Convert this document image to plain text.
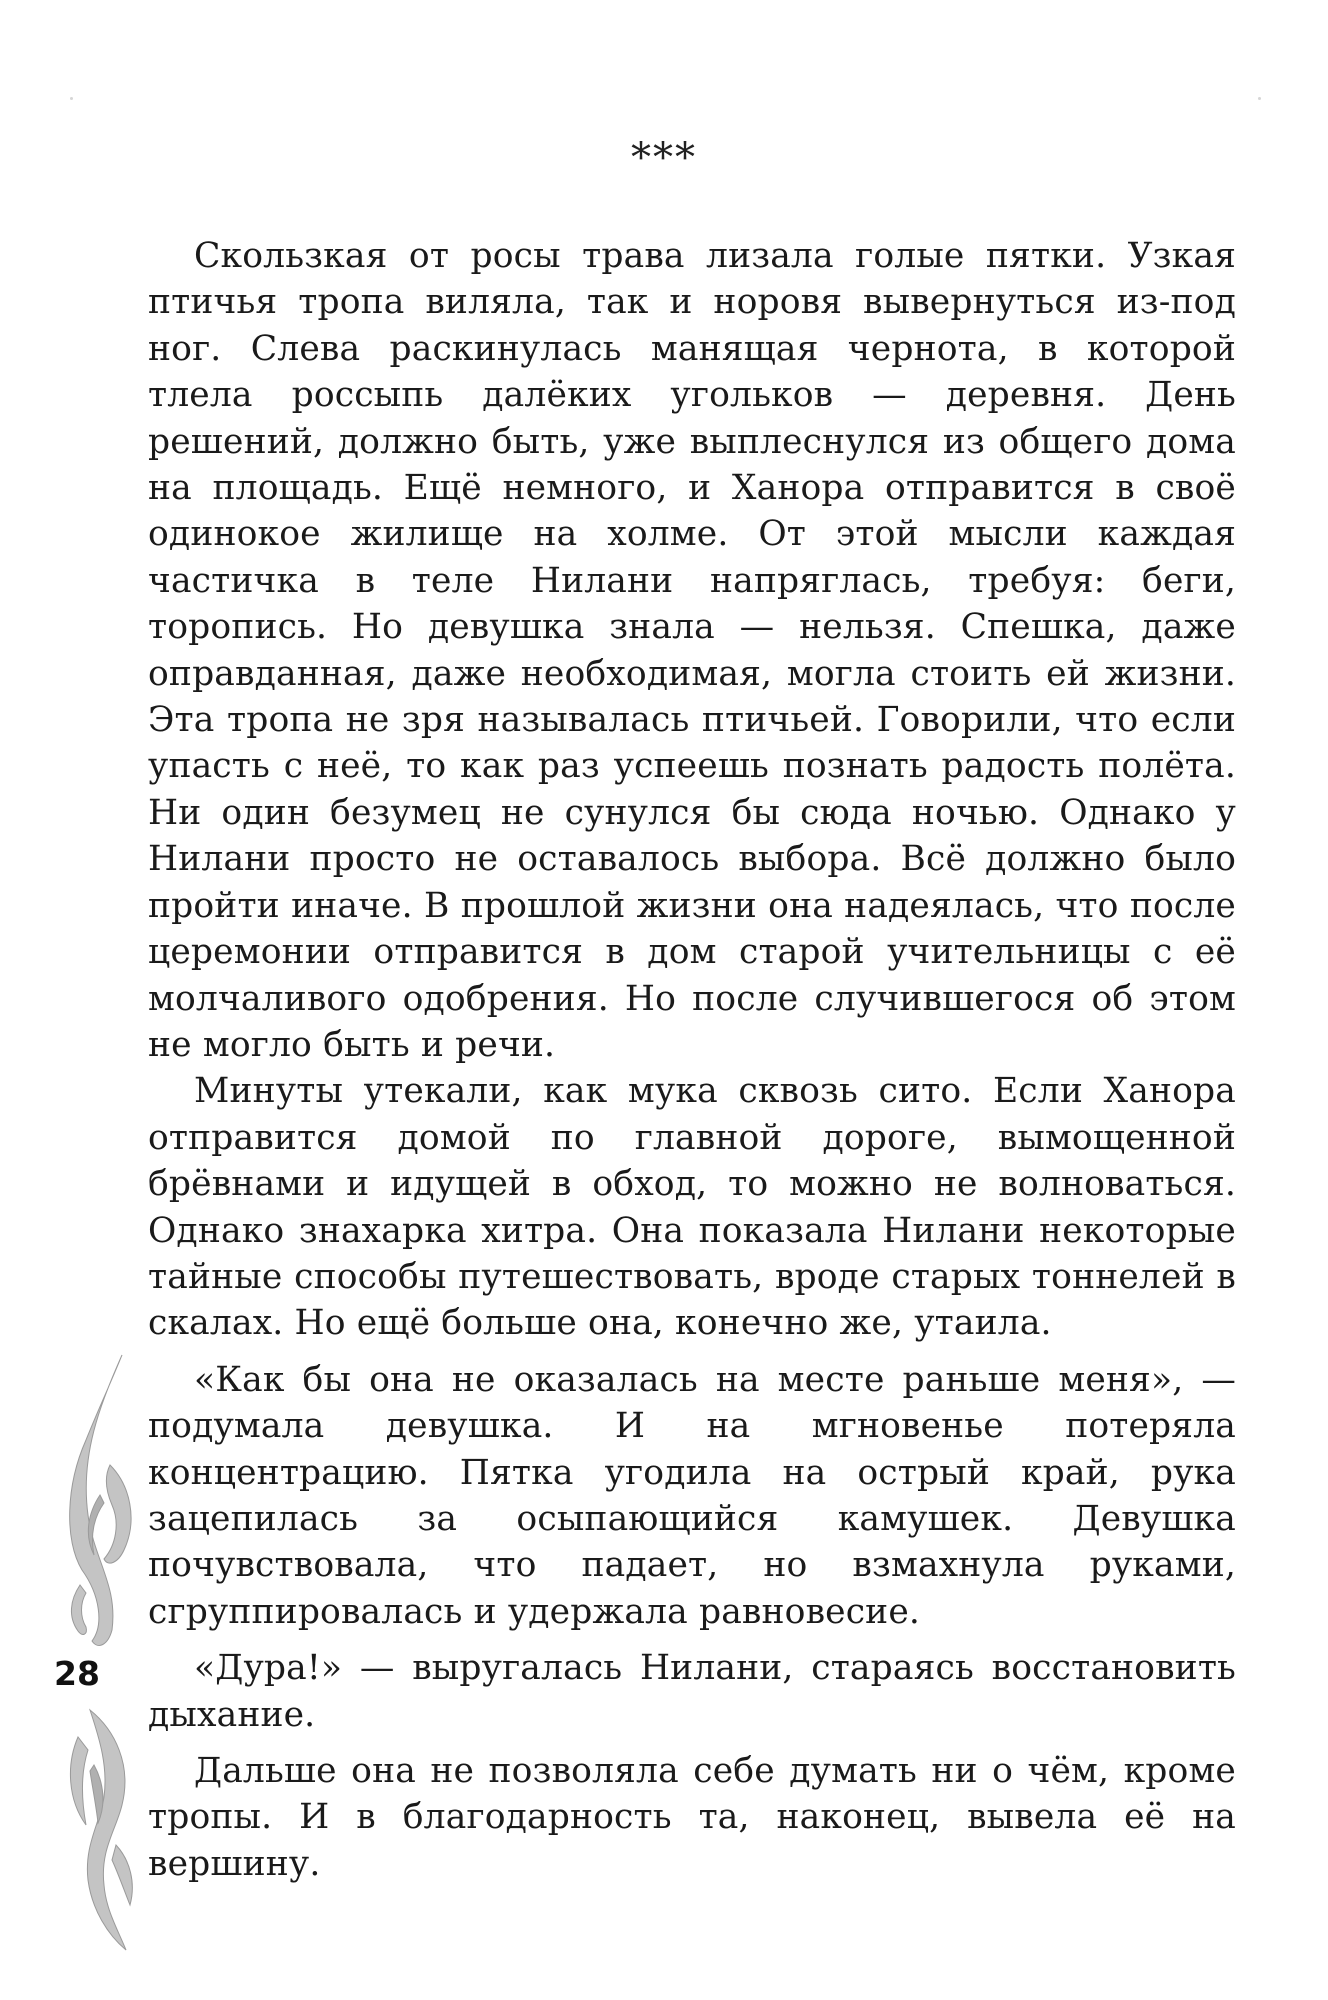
***

Скользкая от росы трава лизала голые пятки. Узкая птичья тропа виляла, так и норовя вывернуться из-под ног. Слева раскинулась манящая чернота, в которой тлела россыпь далёких угольков — деревня. День решений, должно быть, уже выплеснулся из общего дома на площадь. Ещё немного, и Ханора отправится в своё одинокое жилище на холме. От этой мысли каждая частичка в теле Нилани напряглась, требуя: беги, торопись. Но девушка знала — нельзя. Спешка, даже оправданная, даже необходимая, могла стоить ей жизни. Эта тропа не зря называлась птичьей. Говорили, что если упасть с неё, то как раз успеешь познать радость полёта. Ни один безумец не сунулся бы сюда ночью. Однако у Нилани просто не оставалось выбора. Всё должно было пройти иначе. В прошлой жизни она надеялась, что после церемонии отправится в дом старой учительницы с её молчаливого одобрения. Но после случившегося об этом не могло быть и речи.

Минуты утекали, как мука сквозь сито. Если Ханора отправится домой по главной дороге, вымощенной брёвнами и идущей в обход, то можно не волноваться. Однако знахарка хитра. Она показала Нилани некоторые тайные способы путешествовать, вроде старых тоннелей в скалах. Но ещё больше она, конечно же, утаила.

«Как бы она не оказалась на месте раньше меня», — подумала девушка. И на мгновенье потеряла концентрацию. Пятка угодила на острый край, рука зацепилась за осыпающийся камушек. Девушка почувствовала, что падает, но взмахнула руками, сгруппировалась и удержала равновесие.

«Дура!» — выругалась Нилани, стараясь восстановить дыхание.

Дальше она не позволяла себе думать ни о чём, кроме тропы. И в благодарность та, наконец, вывела её на вершину.

28
